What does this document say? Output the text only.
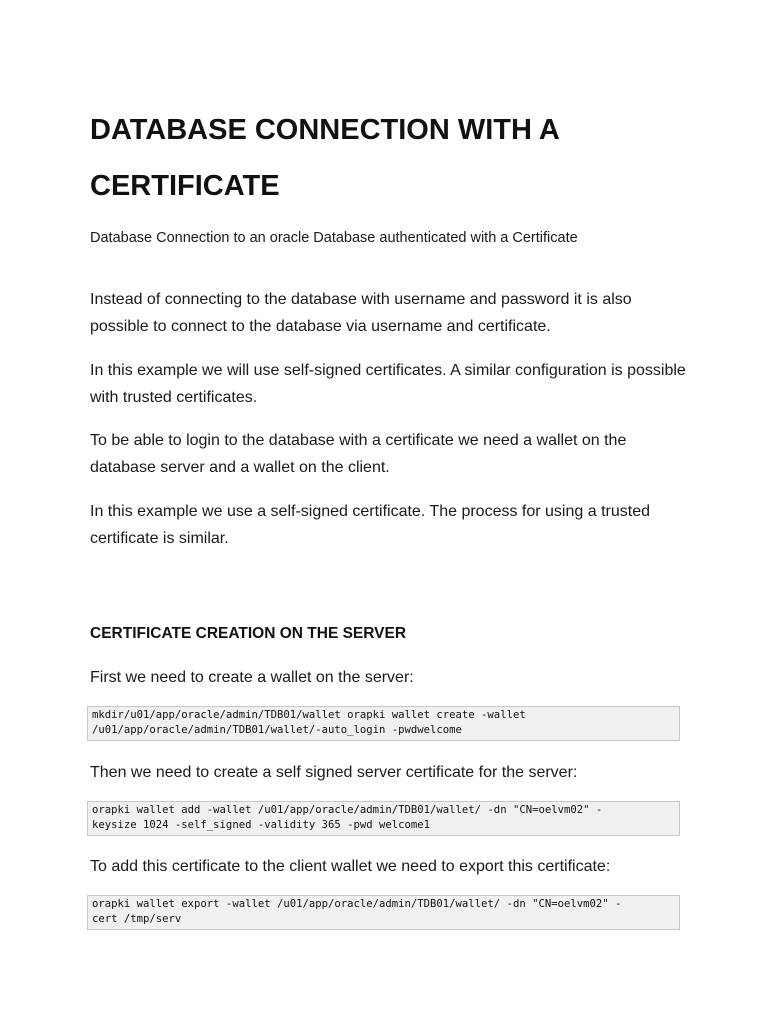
DATABASE CONNECTION WITH A CERTIFICATE

Database Connection to an oracle Database authenticated with a Certificate

Instead of connecting to the database with username and password it is also possible to connect to the database via username and certificate.

In this example we will use self-signed certificates. A similar configuration is possible with trusted certificates.

To be able to login to the database with a certificate we need a wallet on the database server and a wallet on the client.

In this example we use a self-signed certificate. The process for using a trusted certificate is similar.

CERTIFICATE CREATION ON THE SERVER

First we need to create a wallet on the server:

mkdir/u01/app/oracle/admin/TDB01/wallet orapki wallet create -wallet
/u01/app/oracle/admin/TDB01/wallet/-auto_login -pwdwelcome

Then we need to create a self signed server certificate for the server:

orapki wallet add -wallet /u01/app/oracle/admin/TDB01/wallet/ -dn "CN=oelvm02" -
keysize 1024 -self_signed -validity 365 -pwd welcome1

To add this certificate to the client wallet we need to export this certificate:

orapki wallet export -wallet /u01/app/oracle/admin/TDB01/wallet/ -dn "CN=oelvm02" -
cert /tmp/serv
